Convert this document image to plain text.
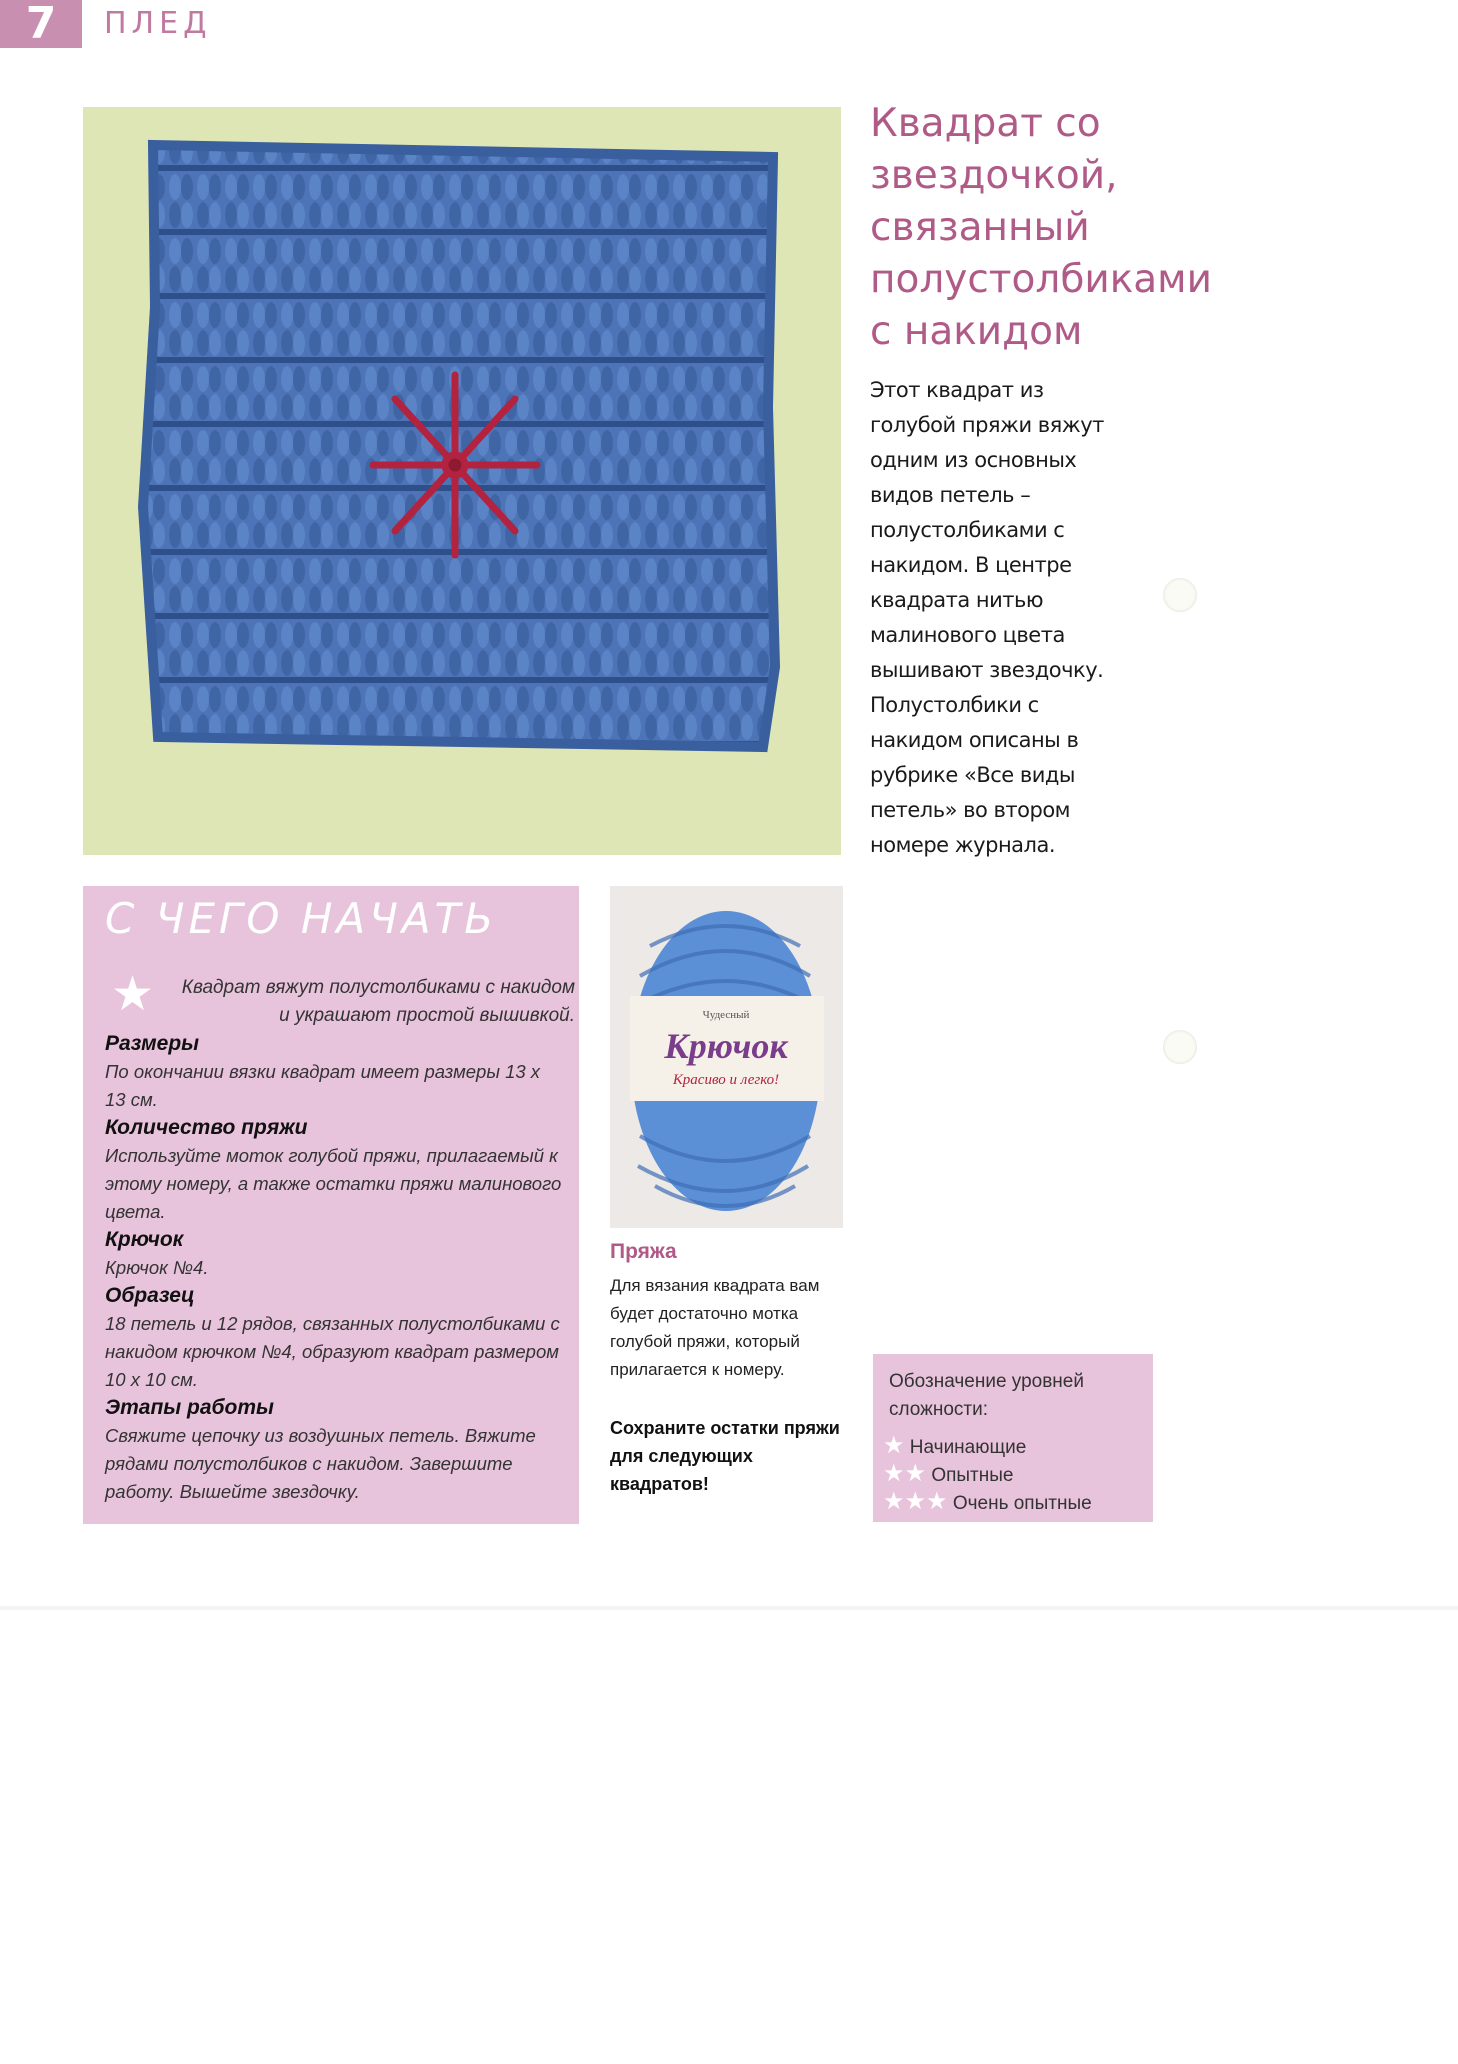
7	ПЛЕД
Квадрат со звездочкой, связанный полустолбиками с накидом
Этот квадрат из голубой пряжи вяжут одним из основных видов петель – полустолбиками с накидом. В центре квадрата нитью малинового цвета вышивают звездочку. Полустолбики с накидом описаны в рубрике «Все виды петель» во втором номере журнала.
С ЧЕГО НАЧАТЬ
★	Квадрат вяжут полустолбиками с накидом и украшают простой вышивкой.
Размеры

По окончании вязки квадрат имеет размеры 13 х 13 см.

Количество пряжи

Используйте моток голубой пряжи, прилагаемый к этому номеру, а также остатки пряжи малинового цвета.

Крючок

Крючок №4.

Образец

18 петель и 12 рядов, связанных полустолбиками с накидом крючком №4, образуют квадрат размером 10 х 10 см.

Этапы работы

Свяжите цепочку из воздушных петель. Вяжите рядами полустолбиков с накидом. Завершите работу. Вышейте звездочку.

Чудесный
Крючок
Красиво и легко!
Пряжа
Для вязания квадрата вам будет достаточно мотка голубой пряжи, который прилагается к номеру.
Сохраните остатки пряжи для следующих квадратов!
Обозначение уровней сложности:
★ Начинающие
★★ Опытные
★★★ Очень опытные
